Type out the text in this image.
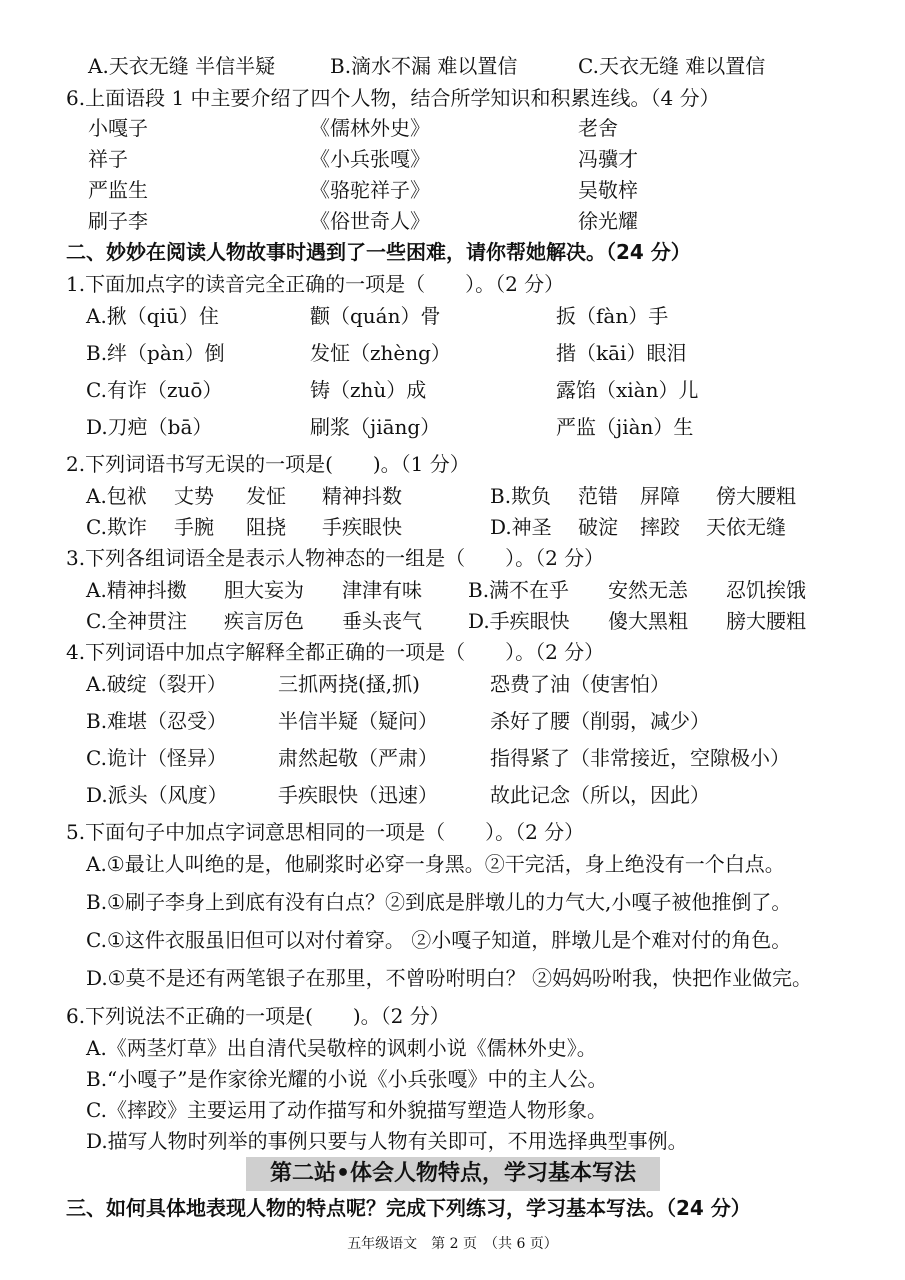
A.天衣无缝 半信半疑	B.滴水不漏 难以置信	C.天衣无缝 难以置信
6.上面语段 1 中主要介绍了四个人物，结合所学知识和积累连线。（4 分）
小嘎子	《儒林外史》	老舍
祥子	《小兵张嘎》	冯骥才
严监生	《骆驼祥子》	吴敬梓
刷子李	《俗世奇人》	徐光耀
二、妙妙在阅读人物故事时遇到了一些困难，请你帮她解决。（24 分）
1.下面加点字的读音完全正确的一项是（　　）。（2 分）
A.揪（qiū）住	颧（quán）骨	扳（fàn）手
B.绊（pàn）倒	发怔（zhèng）	揩（kāi）眼泪
C.有诈（zuō）	铸（zhù）成	露馅（xiàn）儿
D.刀疤（bā）	刷浆（jiāng）	严监（jiàn）生
2.下列词语书写无误的一项是(　　)。（1 分）
A.包袱 丈势 发怔 精神抖数	B.欺负 范错 屏障 傍大腰粗
C.欺诈 手腕 阻挠 手疾眼快	D.神圣 破淀 摔跤 天依无缝
3.下列各组词语全是表示人物神态的一组是（　　）。（2 分）
A.精神抖擞 胆大妄为 津津有味 B.满不在乎 安然无恙 忍饥挨饿
C.全神贯注 疾言厉色 垂头丧气 D.手疾眼快 傻大黑粗 膀大腰粗
4.下列词语中加点字解释全都正确的一项是（　　）。（2 分）
A.破绽（裂开）	三抓两挠(搔,抓)	恐费了油（使害怕）
B.难堪（忍受）	半信半疑（疑问）	杀好了腰（削弱，减少）
C.诡计（怪异）	肃然起敬（严肃）	指得紧了（非常接近，空隙极小）
D.派头（风度）	手疾眼快（迅速）	故此记念（所以，因此）
5.下面句子中加点字词意思相同的一项是（　　）。（2 分）
A.①最让人叫绝的是，他刷浆时必穿一身黑。②干完活，身上绝没有一个白点。
B.①刷子李身上到底有没有白点？②到底是胖墩儿的力气大,小嘎子被他推倒了。
C.①这件衣服虽旧但可以对付着穿。 ②小嘎子知道，胖墩儿是个难对付的角色。
D.①莫不是还有两笔银子在那里，不曾吩咐明白？ ②妈妈吩咐我，快把作业做完。
6.下列说法不正确的一项是(　　)。（2 分）
A.《两茎灯草》出自清代吴敬梓的讽刺小说《儒林外史》。
B.“小嘎子”是作家徐光耀的小说《小兵张嘎》中的主人公。
C.《摔跤》主要运用了动作描写和外貌描写塑造人物形象。
D.描写人物时列举的事例只要与人物有关即可，不用选择典型事例。
第二站•体会人物特点，学习基本写法
三、如何具体地表现人物的特点呢？完成下列练习，学习基本写法。（24 分）
五年级语文　第 2 页　（共 6 页）
